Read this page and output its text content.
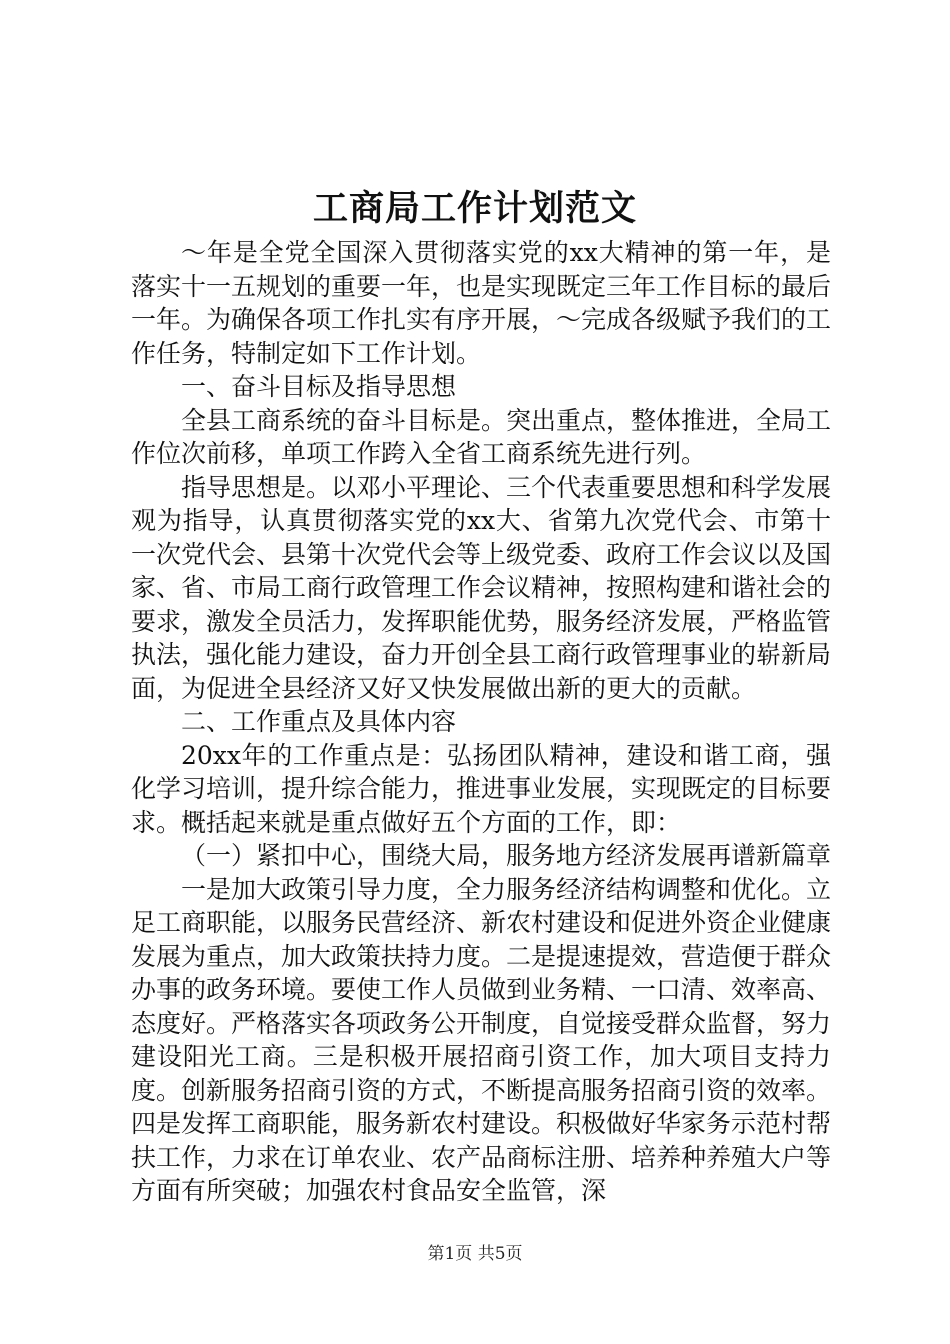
工商局工作计划范文

～年是全党全国深入贯彻落实党的xx大精神的第一年，是落实十一五规划的重要一年，也是实现既定三年工作目标的最后一年。为确保各项工作扎实有序开展，～完成各级赋予我们的工作任务，特制定如下工作计划。

一、奋斗目标及指导思想

全县工商系统的奋斗目标是。突出重点，整体推进，全局工作位次前移，单项工作跨入全省工商系统先进行列。

指导思想是。以邓小平理论、三个代表重要思想和科学发展观为指导，认真贯彻落实党的xx大、省第九次党代会、市第十一次党代会、县第十次党代会等上级党委、政府工作会议以及国家、省、市局工商行政管理工作会议精神，按照构建和谐社会的要求，激发全员活力，发挥职能优势，服务经济发展，严格监管执法，强化能力建设，奋力开创全县工商行政管理事业的崭新局面，为促进全县经济又好又快发展做出新的更大的贡献。

二、工作重点及具体内容

20xx年的工作重点是：弘扬团队精神，建设和谐工商，强化学习培训，提升综合能力，推进事业发展，实现既定的目标要求。概括起来就是重点做好五个方面的工作，即：

（一）紧扣中心，围绕大局，服务地方经济发展再谱新篇章

一是加大政策引导力度，全力服务经济结构调整和优化。立足工商职能，以服务民营经济、新农村建设和促进外资企业健康发展为重点，加大政策扶持力度。二是提速提效，营造便于群众办事的政务环境。要使工作人员做到业务精、一口清、效率高、态度好。严格落实各项政务公开制度，自觉接受群众监督，努力建设阳光工商。三是积极开展招商引资工作，加大项目支持力度。创新服务招商引资的方式，不断提高服务招商引资的效率。四是发挥工商职能，服务新农村建设。积极做好华家务示范村帮扶工作，力求在订单农业、农产品商标注册、培养种养殖大户等方面有所突破；加强农村食品安全监管，深

第1页 共5页
